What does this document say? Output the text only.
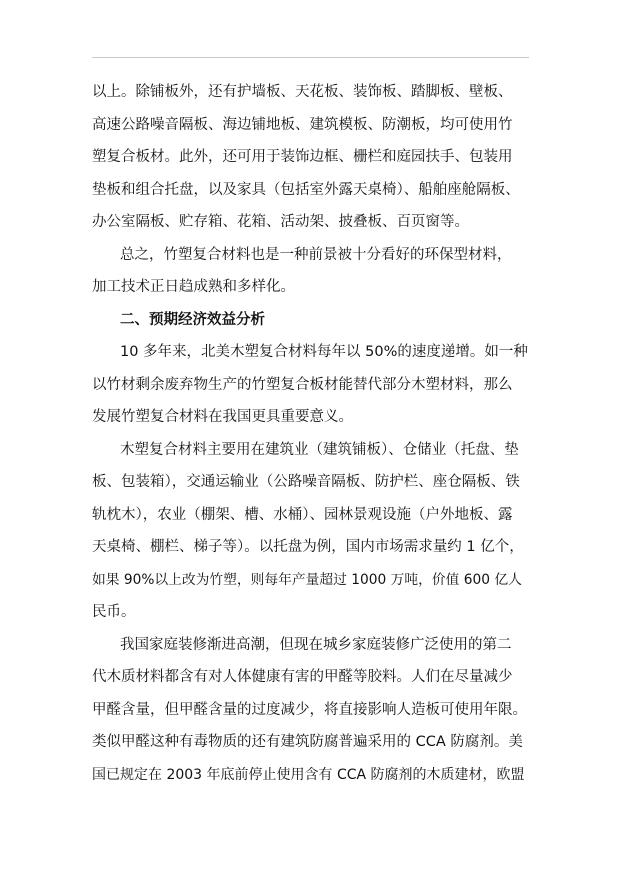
以上。除铺板外，还有护墙板、天花板、装饰板、踏脚板、壁板、
高速公路噪音隔板、海边铺地板、建筑模板、防潮板，均可使用竹
塑复合板材。此外，还可用于装饰边框、栅栏和庭园扶手、包装用
垫板和组合托盘，以及家具（包括室外露天桌椅）、船舶座舱隔板、
办公室隔板、贮存箱、花箱、活动架、披叠板、百页窗等。
总之，竹塑复合材料也是一种前景被十分看好的环保型材料，
加工技术正日趋成熟和多样化。
二、预期经济效益分析
10 多年来，北美木塑复合材料每年以 50%的速度递增。如一种
以竹材剩余废弃物生产的竹塑复合板材能替代部分木塑材料，那么
发展竹塑复合材料在我国更具重要意义。
木塑复合材料主要用在建筑业（建筑铺板）、仓储业（托盘、垫
板、包装箱），交通运输业（公路噪音隔板、防护栏、座仓隔板、铁
轨枕木），农业（棚架、槽、水桶）、园林景观设施（户外地板、露
天桌椅、棚栏、梯子等）。以托盘为例，国内市场需求量约 1 亿个，
如果 90%以上改为竹塑，则每年产量超过 1000 万吨，价值 600 亿人
民币。
我国家庭装修渐进高潮，但现在城乡家庭装修广泛使用的第二
代木质材料都含有对人体健康有害的甲醛等胶料。人们在尽量减少
甲醛含量，但甲醛含量的过度减少，将直接影响人造板可使用年限。
类似甲醛这种有毒物质的还有建筑防腐普遍采用的 CCA 防腐剂。美
国已规定在 2003 年底前停止使用含有 CCA 防腐剂的木质建材，欧盟
